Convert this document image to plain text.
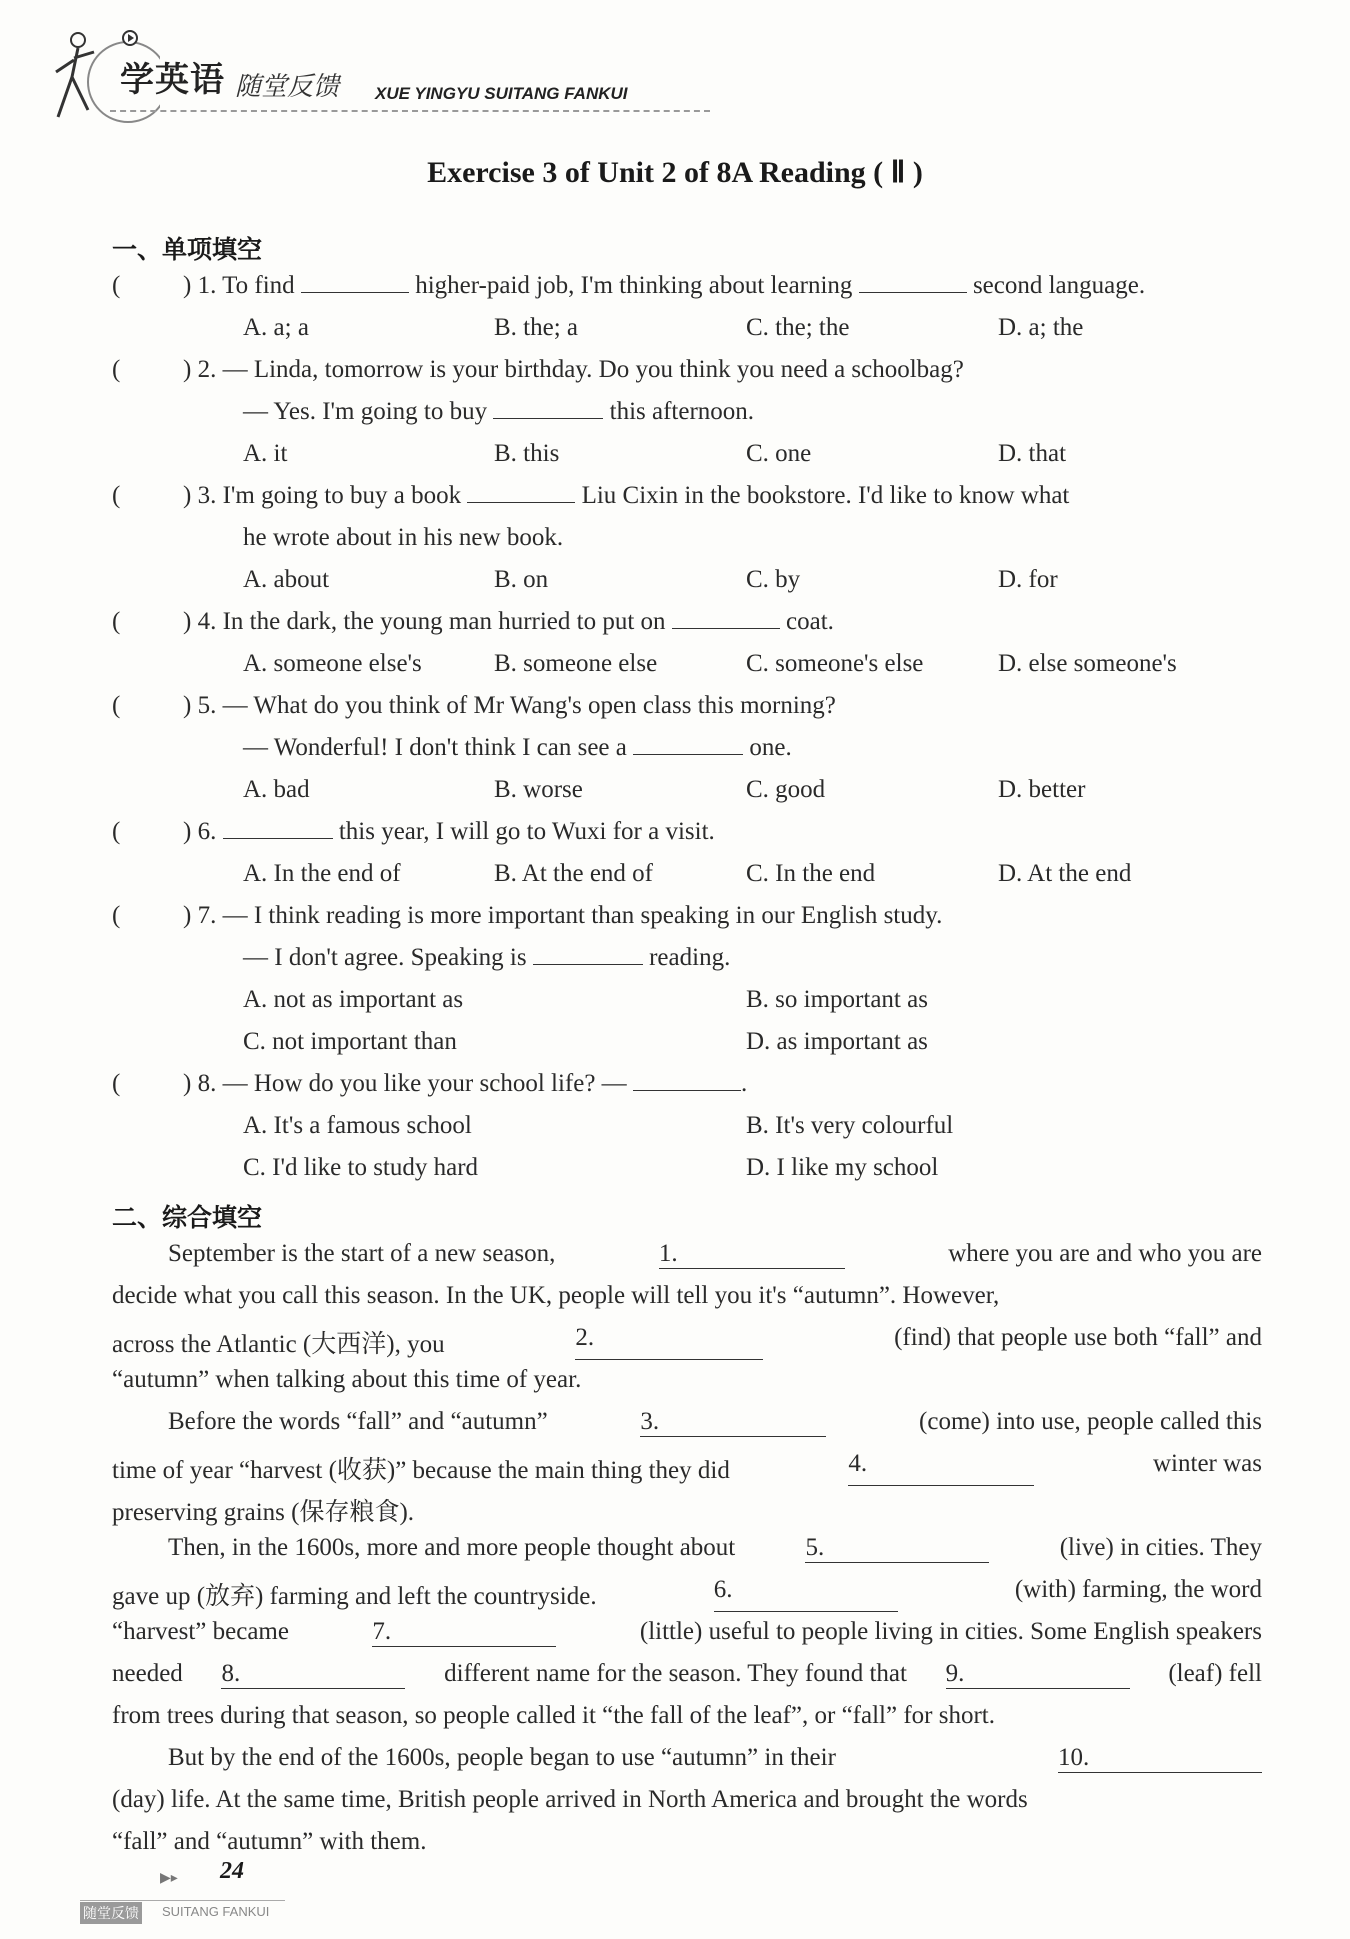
学英语 随堂反馈 XUE YINGYU SUITANG FANKUI
Exercise 3 of Unit 2 of 8A Reading ( Ⅱ )
一、单项填空
(	) 1. To find	higher-paid job, I'm thinking about learning	second language.
A. a; a	B. the; a	C. the; the	D. a; the
(	) 2. — Linda, tomorrow is your birthday. Do you think you need a schoolbag?
— Yes. I'm going to buy	this afternoon.
A. it	B. this	C. one	D. that
(	) 3. I'm going to buy a book	Liu Cixin in the bookstore. I'd like to know what
he wrote about in his new book.
A. about	B. on	C. by	D. for
(	) 4. In the dark, the young man hurried to put on	coat.
A. someone else's	B. someone else	C. someone's else	D. else someone's
(	) 5. — What do you think of Mr Wang's open class this morning?
— Wonderful! I don't think I can see a	one.
A. bad	B. worse	C. good	D. better
(	) 6.	this year, I will go to Wuxi for a visit.
A. In the end of	B. At the end of	C. In the end	D. At the end
(	) 7. — I think reading is more important than speaking in our English study.
— I don't agree. Speaking is	reading.
A. not as important as	B. so important as
C. not important than	D. as important as
(	) 8. — How do you like your school life? —	.
A. It's a famous school	B. It's very colourful
C. I'd like to study hard	D. I like my school
二、综合填空
September is the start of a new season,	1.	where you are and who you are
decide what you call this season. In the UK, people will tell you it's “autumn”. However,
across the Atlantic (大西洋), you	2.	(find) that people use both “fall” and
“autumn” when talking about this time of year.
Before the words “fall” and “autumn”	3.	(come) into use, people called this
time of year “harvest (收获)” because the main thing they did	4.	winter was
preserving grains (保存粮食).
Then, in the 1600s, more and more people thought about	5.	(live) in cities. They
gave up (放弃) farming and left the countryside.	6.	(with) farming, the word
“harvest” became	7.	(little) useful to people living in cities. Some English speakers
needed 8.	different name for the season. They found that 9.	(leaf) fell
from trees during that season, so people called it “the fall of the leaf”, or “fall” for short.
But by the end of the 1600s, people began to use “autumn” in their	10.
(day) life. At the same time, British people arrived in North America and brought the words
“fall” and “autumn” with them.
▶▸ 24
随堂反馈 SUITANG FANKUI
